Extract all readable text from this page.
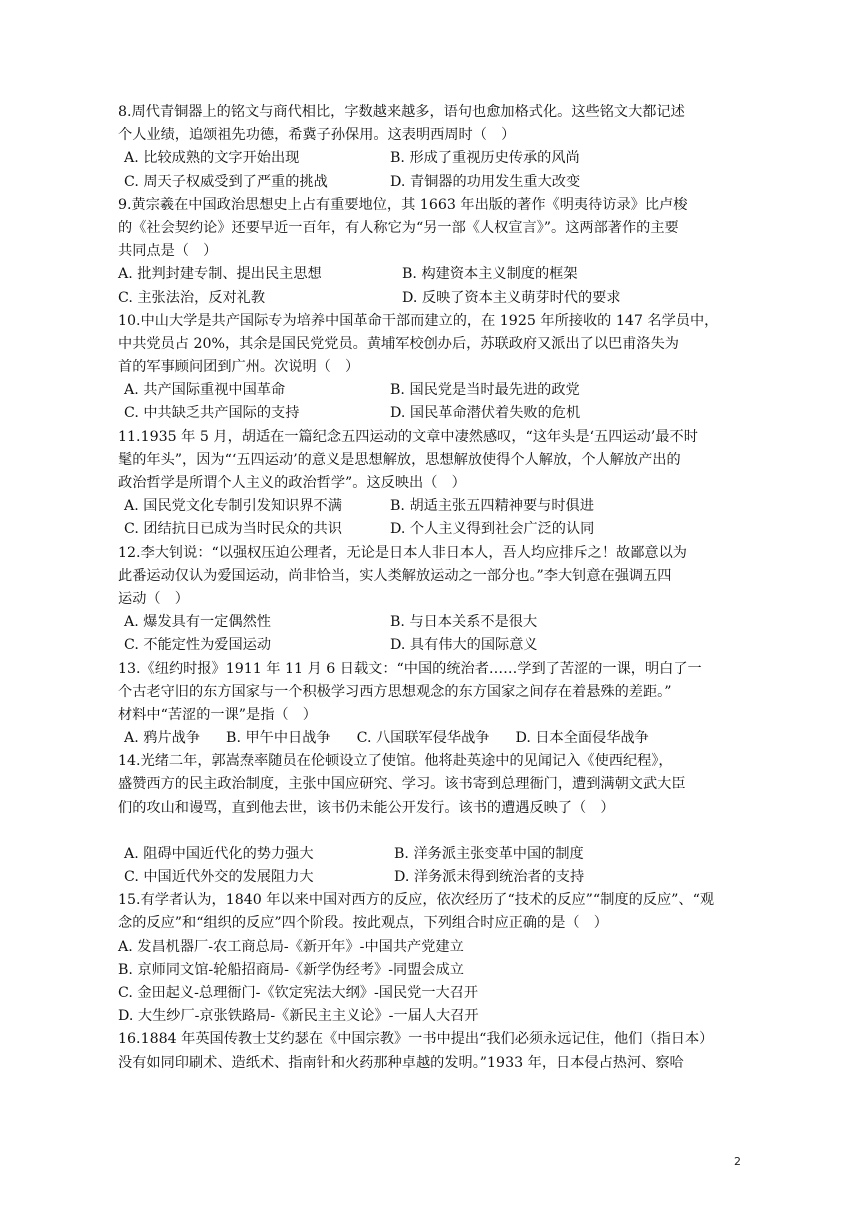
8.周代青铜器上的铭文与商代相比，字数越来越多，语句也愈加格式化。这些铭文大都记述
个人业绩，追颂祖先功德，希冀子孙保用。这表明西周时（　）
A. 比较成熟的文字开始出现	B. 形成了重视历史传承的风尚
C. 周天子权威受到了严重的挑战	D. 青铜器的功用发生重大改变
9.黄宗羲在中国政治思想史上占有重要地位，其 1663 年出版的著作《明夷待访录》比卢梭
的《社会契约论》还要早近一百年，有人称它为“另一部《人权宣言》”。这两部著作的主要
共同点是（　）
A. 批判封建专制、提出民主思想	B. 构建资本主义制度的框架
C. 主张法治，反对礼教	D. 反映了资本主义萌芽时代的要求
10.中山大学是共产国际专为培养中国革命干部而建立的，在 1925 年所接收的 147 名学员中，
中共党员占 20%，其余是国民党党员。黄埔军校创办后，苏联政府又派出了以巴甫洛失为
首的军事顾问团到广州。次说明（　）
A. 共产国际重视中国革命	B. 国民党是当时最先进的政党
C. 中共缺乏共产国际的支持	D. 国民革命潜伏着失败的危机
11.1935 年 5 月，胡适在一篇纪念五四运动的文章中凄然感叹，“这年头是‘五四运动’最不时
髦的年头”，因为“‘五四运动’的意义是思想解放，思想解放使得个人解放，个人解放产出的
政治哲学是所谓个人主义的政治哲学”。这反映出（　）
A. 国民党文化专制引发知识界不满	B. 胡适主张五四精神要与时俱进
C. 团结抗日已成为当时民众的共识	D. 个人主义得到社会广泛的认同
12.李大钊说：“以强权压迫公理者，无论是日本人非日本人，吾人均应排斥之！故鄙意以为
此番运动仅认为爱国运动，尚非恰当，实人类解放运动之一部分也。”李大钊意在强调五四
运动（　）
A. 爆发具有一定偶然性	B. 与日本关系不是很大
C. 不能定性为爱国运动	D. 具有伟大的国际意义
13.《纽约时报》1911 年 11 月 6 日载文：“中国的统治者……学到了苦涩的一课，明白了一
个古老守旧的东方国家与一个积极学习西方思想观念的东方国家之间存在着悬殊的差距。”
材料中“苦涩的一课”是指（　）
A. 鸦片战争 B. 甲午中日战争 C. 八国联军侵华战争 D. 日本全面侵华战争
14.光绪二年，郭嵩焘率随员在伦顿设立了使馆。他将赴英途中的见闻记入《使西纪程》，
盛赞西方的民主政治制度，主张中国应研究、学习。该书寄到总理衙门，遭到满朝文武大臣
们的攻山和谩骂，直到他去世，该书仍未能公开发行。该书的遭遇反映了（　）
A. 阻碍中国近代化的势力强大	B. 洋务派主张变革中国的制度
C. 中国近代外交的发展阻力大	D. 洋务派未得到统治者的支持
15.有学者认为，1840 年以来中国对西方的反应，依次经历了“技术的反应”“制度的反应”、“观
念的反应”和“组织的反应”四个阶段。按此观点，下列组合时应正确的是（　）
A. 发昌机器厂-农工商总局-《新开年》-中国共产党建立
B. 京师同文馆-轮船招商局-《新学伪经考》-同盟会成立
C. 金田起义-总理衙门-《钦定宪法大纲》-国民党一大召开
D. 大生纱厂-京张铁路局-《新民主主义论》-一届人大召开
16.1884 年英国传教士艾约瑟在《中国宗教》一书中提出“我们必须永远记住，他们（指日本）
没有如同印刷术、造纸术、指南针和火药那种卓越的发明。”1933 年，日本侵占热河、察哈
2
